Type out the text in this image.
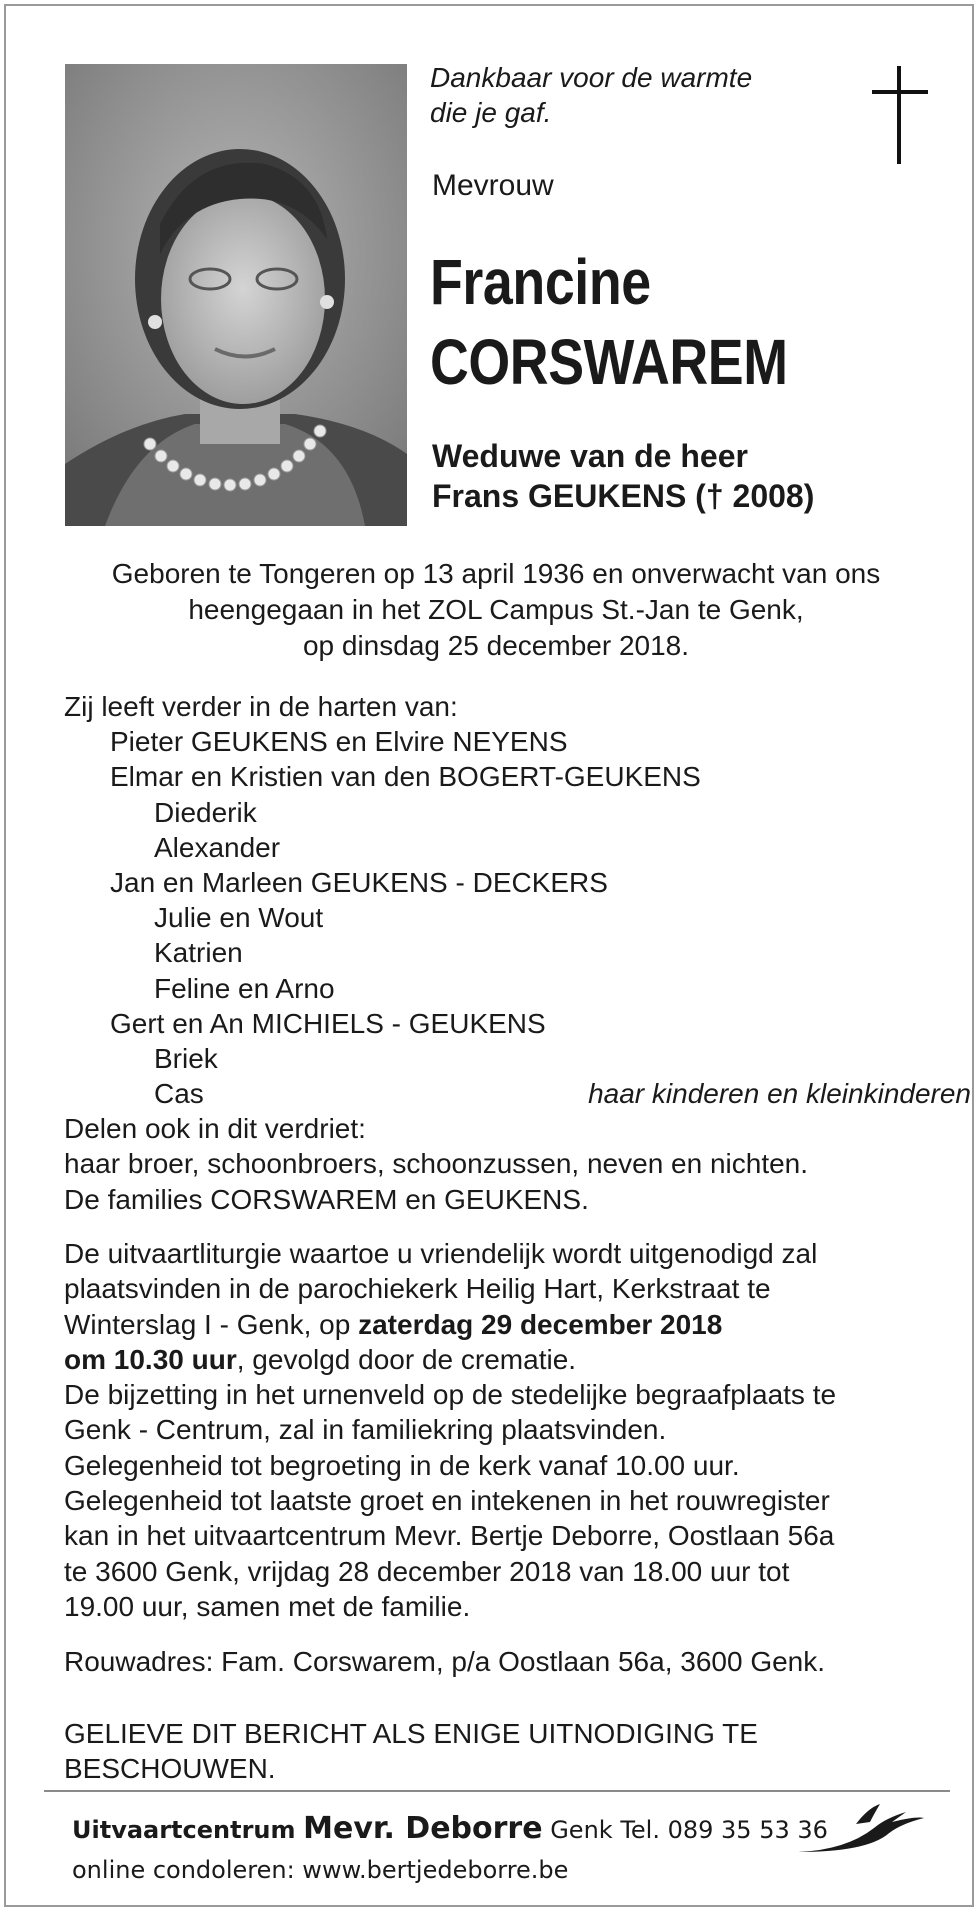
Dankbaar voor de warmte
die je gaf.
Mevrouw
Francine
CORSWAREM
Weduwe van de heer
Frans GEUKENS († 2008)
Geboren te Tongeren op 13 april 1936 en onverwacht van ons
heengegaan in het ZOL Campus St.-Jan te Genk,
op dinsdag 25 december 2018.
Zij leeft verder in de harten van:
Pieter GEUKENS en Elvire NEYENS
Elmar en Kristien van den BOGERT-GEUKENS
Diederik
Alexander
Jan en Marleen GEUKENS - DECKERS
Julie en Wout
Katrien
Feline en Arno
Gert en An MICHIELS - GEUKENS
Briek
Cas	haar kinderen en kleinkinderen
Delen ook in dit verdriet:
haar broer, schoonbroers, schoonzussen, neven en nichten.
De families CORSWAREM en GEUKENS.
De uitvaartliturgie waartoe u vriendelijk wordt uitgenodigd zal
plaatsvinden in de parochiekerk Heilig Hart, Kerkstraat te
Winterslag I - Genk, op zaterdag 29 december 2018
om 10.30 uur, gevolgd door de crematie.
De bijzetting in het urnenveld op de stedelijke begraafplaats te
Genk - Centrum, zal in familiekring plaatsvinden.
Gelegenheid tot begroeting in de kerk vanaf 10.00 uur.
Gelegenheid tot laatste groet en intekenen in het rouwregister
kan in het uitvaartcentrum Mevr. Bertje Deborre, Oostlaan 56a
te 3600 Genk, vrijdag 28 december 2018 van 18.00 uur tot
19.00 uur, samen met de familie.
Rouwadres: Fam. Corswarem, p/a Oostlaan 56a, 3600 Genk.
GELIEVE DIT BERICHT ALS ENIGE UITNODIGING TE
BESCHOUWEN.
Uitvaartcentrum Mevr. Deborre Genk Tel. 089 35 53 36
online condoleren: www.bertjedeborre.be
